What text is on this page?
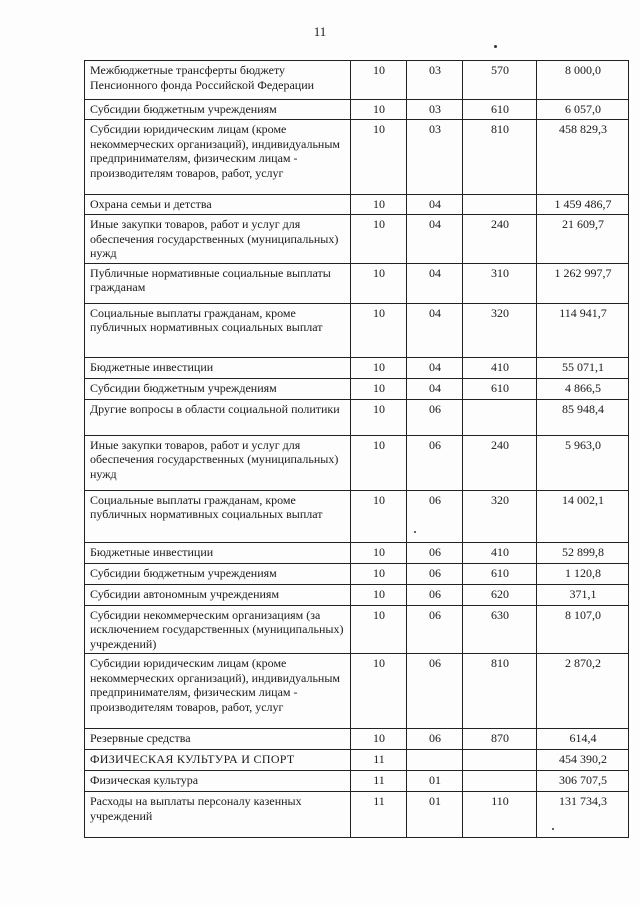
11
Межбюджетные трансферты бюджету Пенсионного фонда Российской Федерации	10	03	570	8 000,0
Субсидии бюджетным учреждениям	10	03	610	6 057,0
Субсидии юридическим лицам (кроме некоммерческих организаций), индивидуальным предпринимателям, физическим лицам - производителям товаров, работ, услуг	10	03	810	458 829,3
Охрана семьи и детства	10	04		1 459 486,7
Иные закупки товаров, работ и услуг для обеспечения государственных (муниципальных) нужд	10	04	240	21 609,7
Публичные нормативные социальные выплаты гражданам	10	04	310	1 262 997,7
Социальные выплаты гражданам, кроме публичных нормативных социальных выплат	10	04	320	114 941,7
Бюджетные инвестиции	10	04	410	55 071,1
Субсидии бюджетным учреждениям	10	04	610	4 866,5
Другие вопросы в области социальной политики	10	06		85 948,4
Иные закупки товаров, работ и услуг для обеспечения государственных (муниципальных) нужд	10	06	240	5 963,0
Социальные выплаты гражданам, кроме публичных нормативных социальных выплат	10	06	320	14 002,1
Бюджетные инвестиции	10	06	410	52 899,8
Субсидии бюджетным учреждениям	10	06	610	1 120,8
Субсидии автономным учреждениям	10	06	620	371,1
Субсидии некоммерческим организациям (за исключением государственных (муниципальных) учреждений)	10	06	630	8 107,0
Субсидии юридическим лицам (кроме некоммерческих организаций), индивидуальным предпринимателям, физическим лицам - производителям товаров, работ, услуг	10	06	810	2 870,2
Резервные средства	10	06	870	614,4
ФИЗИЧЕСКАЯ КУЛЬТУРА И СПОРТ	11			454 390,2
Физическая культура	11	01		306 707,5
Расходы на выплаты персоналу казенных учреждений	11	01	110	131 734,3
